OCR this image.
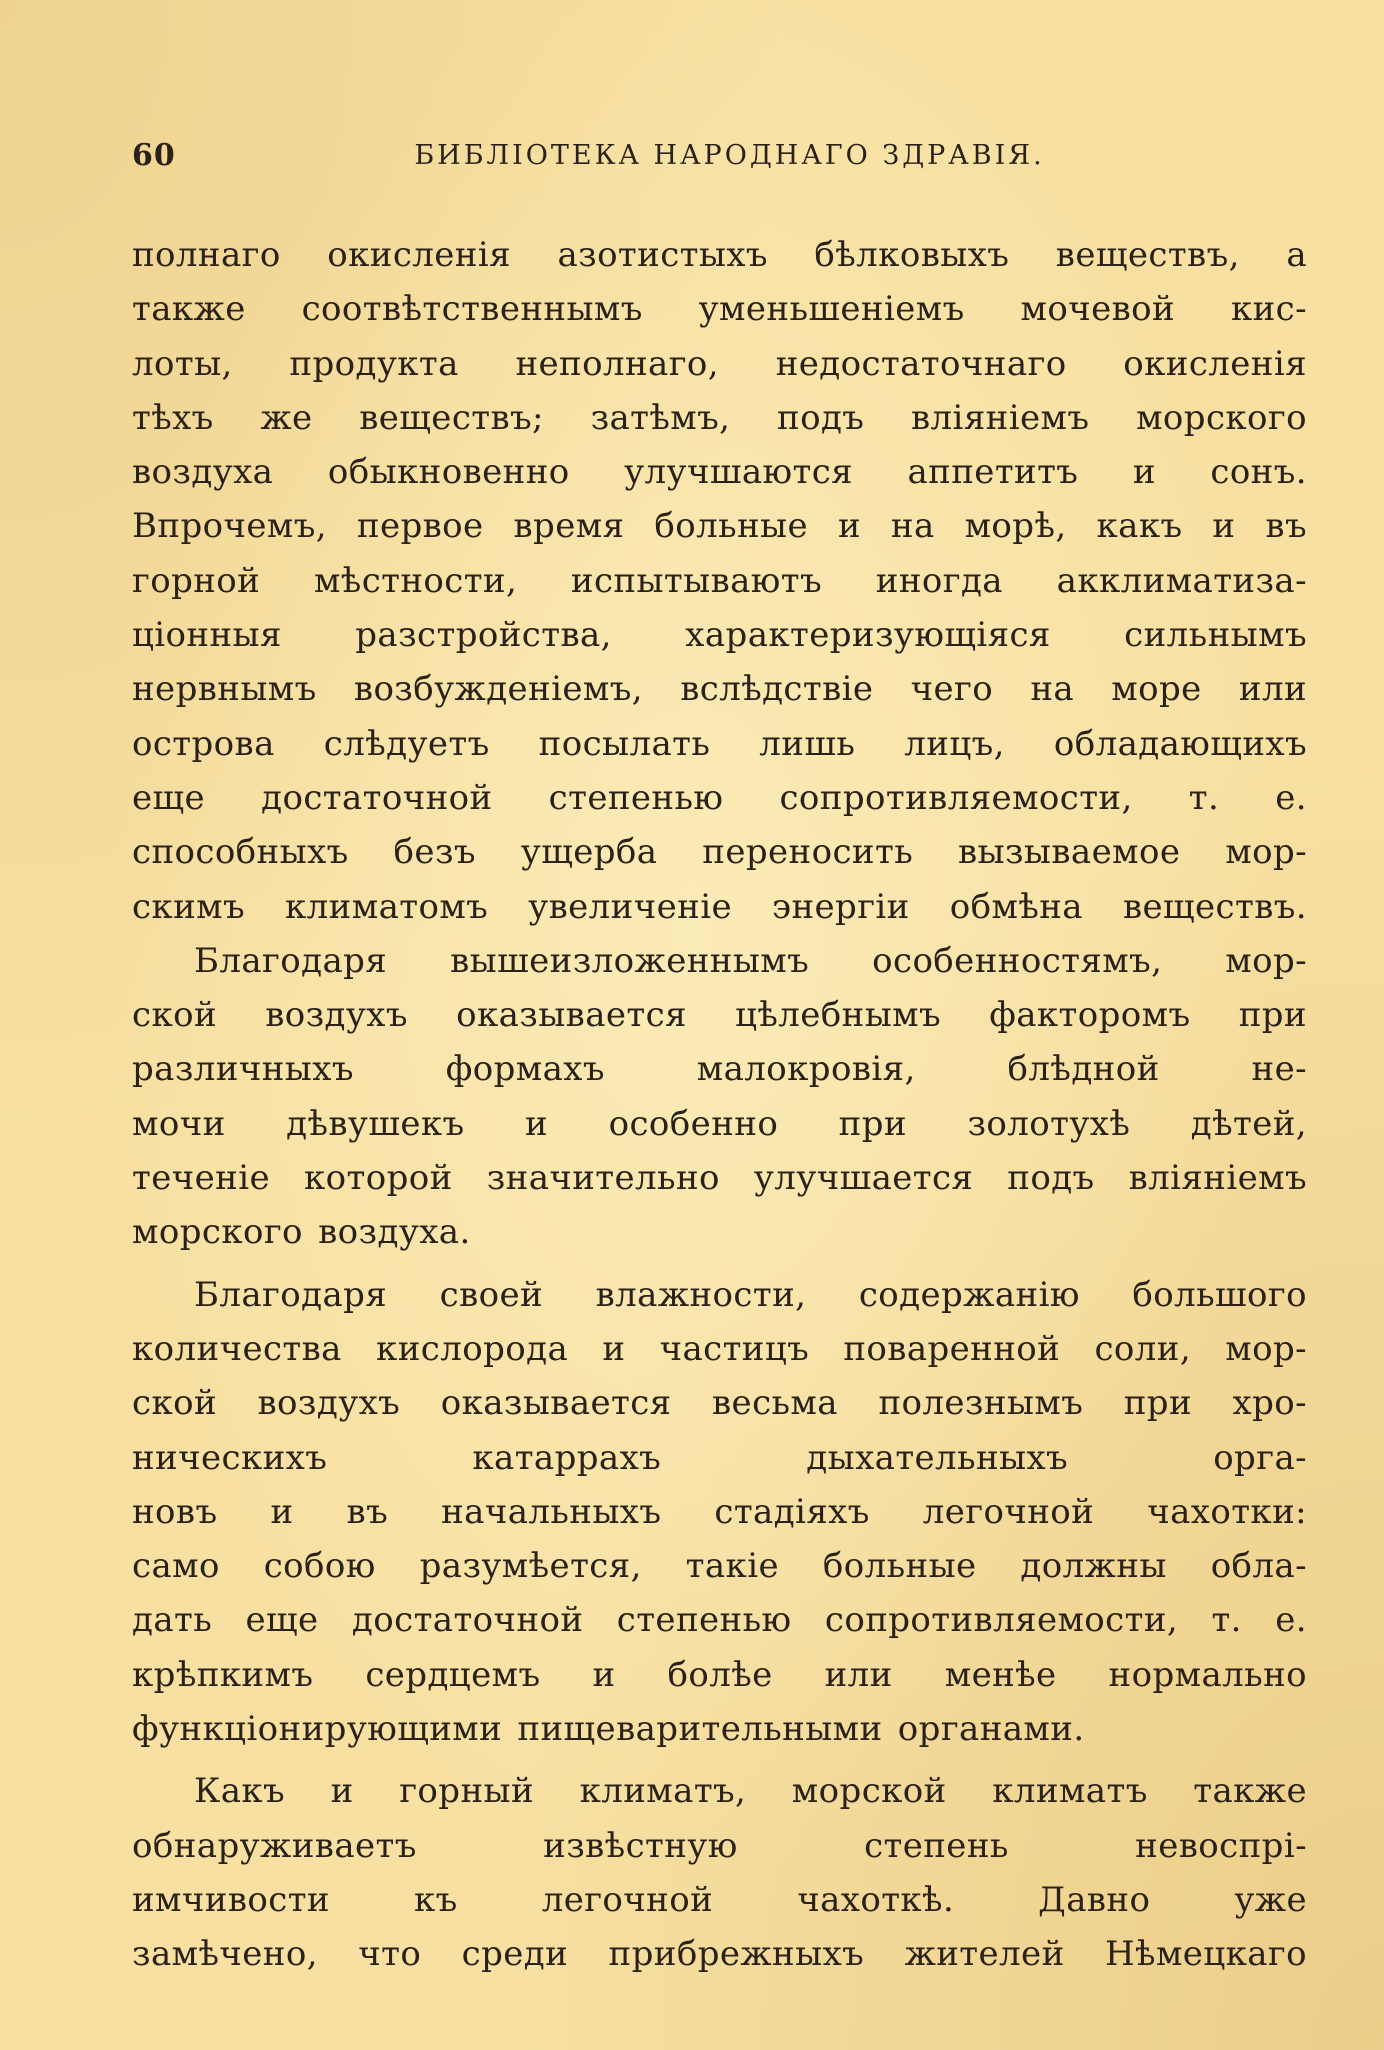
60	БИБЛІОТЕКА НАРОДНАГО ЗДРАВІЯ.
полнаго окисленія азотистыхъ бѣлковыхъ веществъ, а
также соотвѣтственнымъ уменьшеніемъ мочевой кис-
лоты, продукта неполнаго, недостаточнаго окисленія
тѣхъ же веществъ; затѣмъ, подъ вліяніемъ морского
воздуха обыкновенно улучшаются аппетитъ и сонъ.
Впрочемъ, первое время больные и на морѣ, какъ и въ
горной мѣстности, испытываютъ иногда акклиматиза-
ціонныя разстройства, характеризующіяся сильнымъ
нервнымъ возбужденіемъ, вслѣдствіе чего на море или
острова слѣдуетъ посылать лишь лицъ, обладающихъ
еще достаточной степенью сопротивляемости, т. е.
способныхъ безъ ущерба переносить вызываемое мор-
скимъ климатомъ увеличеніе энергіи обмѣна веществъ.
Благодаря вышеизложеннымъ особенностямъ, мор-
ской воздухъ оказывается цѣлебнымъ факторомъ при
различныхъ формахъ малокровія, блѣдной не-
мочи дѣвушекъ и особенно при золотухѣ дѣтей,
теченіе которой значительно улучшается подъ вліяніемъ
морского воздуха.
Благодаря своей влажности, содержанію большого
количества кислорода и частицъ поваренной соли, мор-
ской воздухъ оказывается весьма полезнымъ при хро-
ническихъ катаррахъ дыхательныхъ орга-
новъ и въ начальныхъ стадіяхъ легочной чахотки:
само собою разумѣется, такіе больные должны обла-
дать еще достаточной степенью сопротивляемости, т. е.
крѣпкимъ сердцемъ и болѣе или менѣе нормально
функціонирующими пищеварительными органами.
Какъ и горный климатъ, морской климатъ также
обнаруживаетъ извѣстную степень невоспрі-
имчивости къ легочной чахоткѣ. Давно уже
замѣчено, что среди прибрежныхъ жителей Нѣмецкаго
